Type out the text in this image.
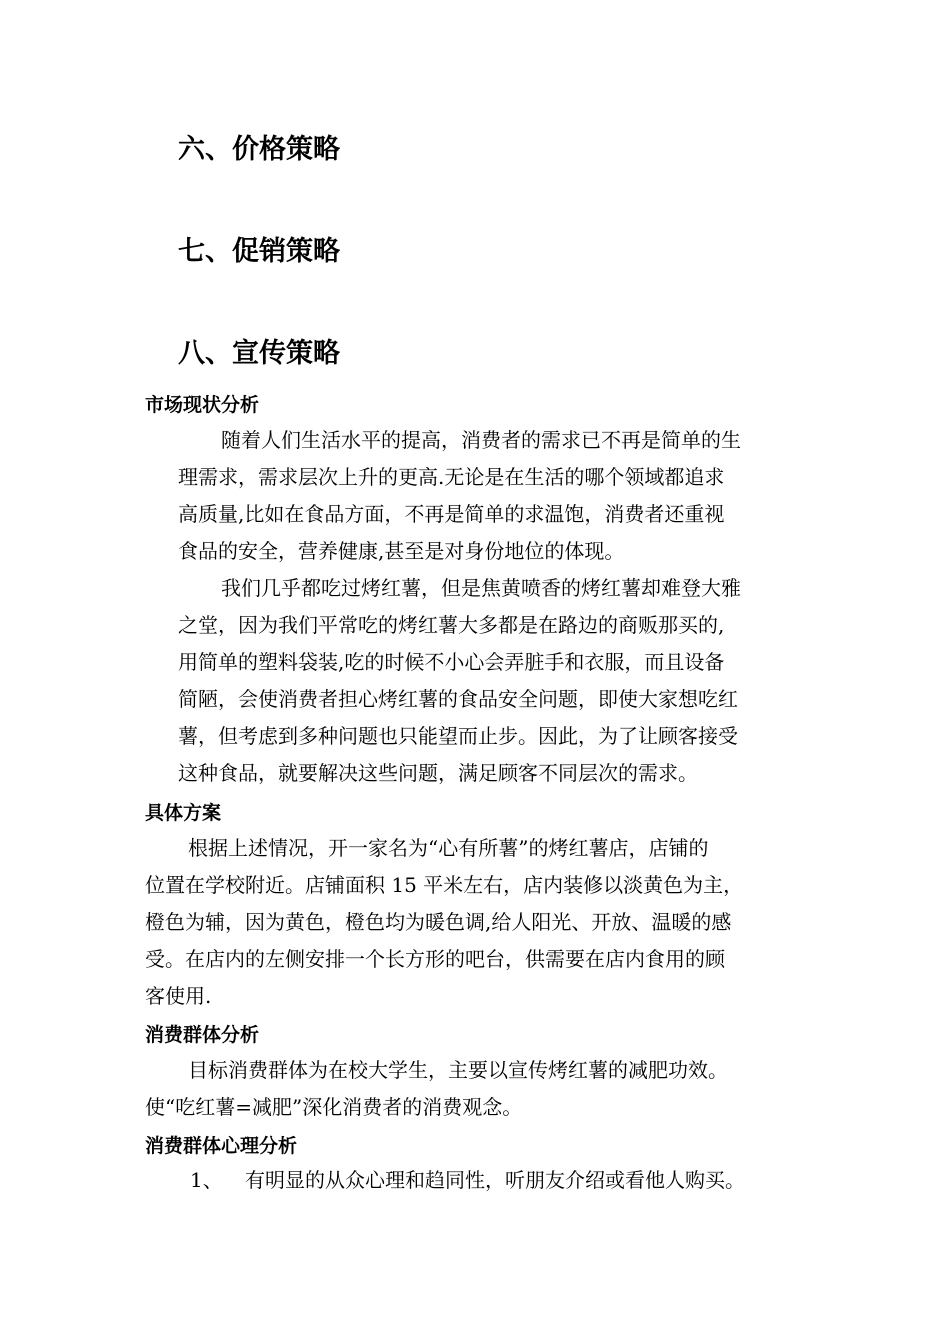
六、价格策略
七、促销策略
八、宣传策略
市场现状分析
随着人们生活水平的提高，消费者的需求已不再是简单的生
理需求，需求层次上升的更高.无论是在生活的哪个领域都追求
高质量,比如在食品方面，不再是简单的求温饱，消费者还重视
食品的安全，营养健康,甚至是对身份地位的体现。
我们几乎都吃过烤红薯，但是焦黄喷香的烤红薯却难登大雅
之堂，因为我们平常吃的烤红薯大多都是在路边的商贩那买的,
用简单的塑料袋装,吃的时候不小心会弄脏手和衣服，而且设备
简陋，会使消费者担心烤红薯的食品安全问题，即使大家想吃红
薯，但考虑到多种问题也只能望而止步。因此，为了让顾客接受
这种食品，就要解决这些问题，满足顾客不同层次的需求。
具体方案
根据上述情况，开一家名为“心有所薯”的烤红薯店，店铺的
位置在学校附近。店铺面积 15 平米左右，店内装修以淡黄色为主，
橙色为辅，因为黄色，橙色均为暖色调,给人阳光、开放、温暖的感
受。在店内的左侧安排一个长方形的吧台，供需要在店内食用的顾
客使用.
消费群体分析
目标消费群体为在校大学生，主要以宣传烤红薯的减肥功效。
使“吃红薯=减肥”深化消费者的消费观念。
消费群体心理分析
1、 有明显的从众心理和趋同性，听朋友介绍或看他人购买。
